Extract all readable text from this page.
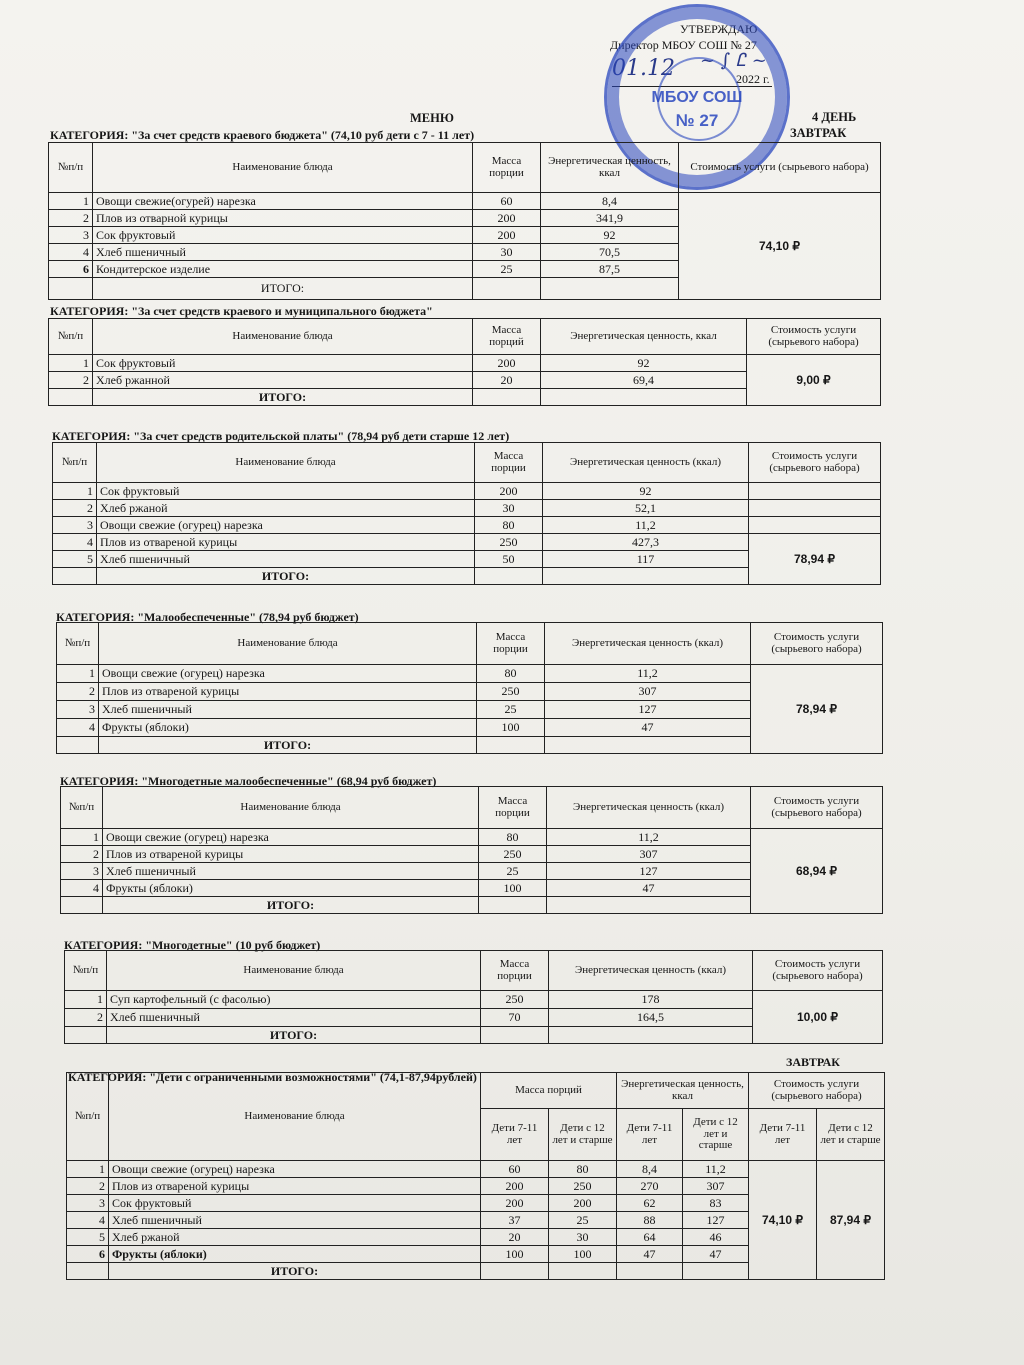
УТВЕРЖДАЮ
Директор МБОУ СОШ № 27
01.12 ~ ∫ Ꮭ ~
2022 г.
МБОУ СОШ
№ 27
МЕНЮ	4 ДЕНЬ
ЗАВТРАК
КАТЕГОРИЯ: "За счет средств краевого бюджета" (74,10 руб дети с 7 - 11 лет)
№п/п	Наименование блюда	Масса порции	Энергетическая ценность, ккал	Стоимость услуги (сырьевого набора)
1	Овощи свежие(огурей) нарезка	60	8,4	74,10 ₽
2	Плов из отварной курицы	200	341,9	
3	Сок фруктовый	200	92	
4	Хлеб пшеничный	30	70,5	
6	Кондитерское изделие	25	87,5	
	ИТОГО:			
КАТЕГОРИЯ: "За счет средств краевого и муниципального бюджета"
№п/п	Наименование блюда	Масса порций	Энергетическая ценность, ккал	Стоимость услуги (сырьевого набора)
1	Сок фруктовый	200	92	9,00 ₽
2	Хлеб ржанной	20	69,4	
	ИТОГО:			
КАТЕГОРИЯ: "За счет средств родительской платы" (78,94 руб дети старше 12 лет)
№п/п	Наименование блюда	Масса порции	Энергетическая ценность (ккал)	Стоимость услуги (сырьевого набора)
1	Сок фруктовый	200	92	
2	Хлеб ржаной	30	52,1	
3	Овощи свежие (огурец) нарезка	80	11,2	
4	Плов из отвареной курицы	250	427,3	78,94 ₽
5	Хлеб пшеничный	50	117	
	ИТОГО:			
КАТЕГОРИЯ: "Малообеспеченные" (78,94 руб бюджет)
№п/п	Наименование блюда	Масса порции	Энергетическая ценность (ккал)	Стоимость услуги (сырьевого набора)
1	Овощи свежие (огурец) нарезка	80	11,2	78,94 ₽
2	Плов из отвареной курицы	250	307	
3	Хлеб пшеничный	25	127	
4	Фрукты (яблоки)	100	47	
	ИТОГО:			
КАТЕГОРИЯ: "Многодетные малообеспеченные" (68,94 руб бюджет)
№п/п	Наименование блюда	Масса порции	Энергетическая ценность (ккал)	Стоимость услуги (сырьевого набора)
1	Овощи свежие (огурец) нарезка	80	11,2	68,94 ₽
2	Плов из отвареной курицы	250	307	
3	Хлеб пшеничный	25	127	
4	Фрукты (яблоки)	100	47	
	ИТОГО:			
КАТЕГОРИЯ: "Многодетные" (10 руб бюджет)
№п/п	Наименование блюда	Масса порции	Энергетическая ценность (ккал)	Стоимость услуги (сырьевого набора)
1	Суп картофельный (с фасолью)	250	178	10,00 ₽
2	Хлеб пшеничный	70	164,5	
	ИТОГО:			
ЗАВТРАК
КАТЕГОРИЯ: "Дети с ограниченными возможностями" (74,1-87,94рублей)
№п/п	Наименование блюда	Масса порций		Энергетическая ценность, ккал		Стоимость услуги (сырьевого набора)	
		Дети 7-11 лет	Дети с 12 лет и старше	Дети 7-11 лет	Дети с 12 лет и старше	Дети 7-11 лет	Дети с 12 лет и старше
1	Овощи свежие (огурец) нарезка	60	80	8,4	11,2	74,10 ₽	87,94 ₽
2	Плов из отвареной курицы	200	250	270	307		
3	Сок фруктовый	200	200	62	83		
4	Хлеб пшеничный	37	25	88	127		
5	Хлеб ржаной	20	30	64	46		
6	Фрукты (яблоки)	100	100	47	47		
	ИТОГО:						
